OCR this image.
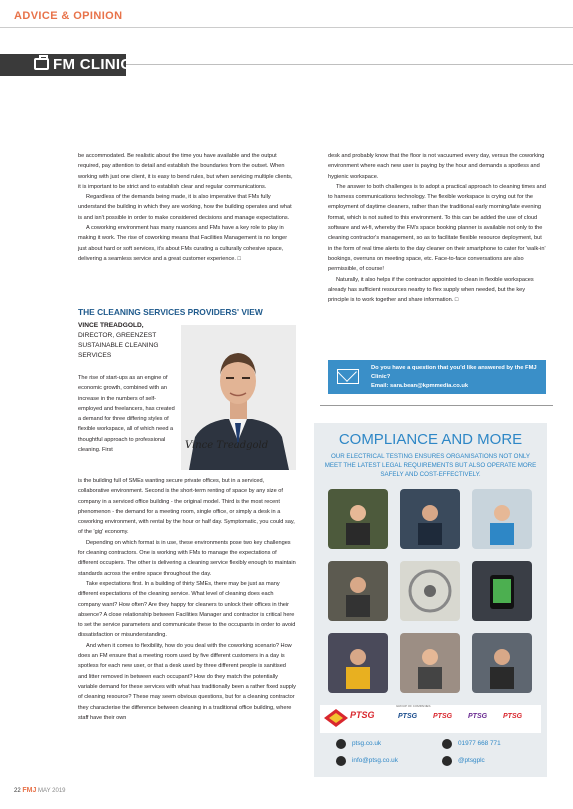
ADVICE & OPINION
FM CLINIC

be accommodated. Be realistic about the time you have available and the output required, pay attention to detail and establish the boundaries from the outset. When working with just one client, it is easy to bend rules, but when servicing multiple clients, it is important to be strict and to establish clear and regular communications.

Regardless of the demands being made, it is also imperative that FMs fully understand the building in which they are working, how the building operates and what is and isn't possible in order to make considered decisions and manage expectations.

A coworking environment has many nuances and FMs have a key role to play in making it work. The rise of coworking means that Facilities Management is no longer just about hard or soft services, it's about FMs curating a culturally cohesive space, delivering a seamless service and a great customer experience. □

THE CLEANING SERVICES PROVIDERS' VIEW
VINCE TREADGOLD,
DIRECTOR, GREENZEST SUSTAINABLE CLEANING SERVICES
Vince Treadgold

The rise of start-ups as an engine of economic growth, combined with an increase in the numbers of self-employed and freelancers, has created a demand for three differing styles of flexible workspace, all of which need a thoughtful approach to professional cleaning. First

is the building full of SMEs wanting secure private offices, but in a serviced, collaborative environment. Second is the short-term renting of space by any size of company in a serviced office building - the original model. Third is the most recent phenomenon - the demand for a meeting room, single office, or simply a desk in a coworking environment, with rental by the hour or half day. Symptomatic, you could say, of the 'gig' economy.

Depending on which format is in use, these environments pose two key challenges for cleaning contractors. One is working with FMs to manage the expectations of different occupiers. The other is delivering a cleaning service flexibly enough to maintain standards across the entire space throughout the day.

Take expectations first. In a building of thirty SMEs, there may be just as many different expectations of the cleaning service. What level of cleaning does each company want? How often? Are they happy for cleaners to unlock their offices in their absence? A close relationship between Facilities Manager and contractor is critical here to set the service parameters and communicate these to the occupants in order to avoid dissatisfaction or misunderstanding.

And when it comes to flexibility, how do you deal with the coworking scenario? How does an FM ensure that a meeting room used by five different customers in a day is spotless for each new user, or that a desk used by three different people is sanitised and litter removed in between each occupant? How do they match the potentially variable demand for these services with what has traditionally been a rather fixed supply of cleaning resource? These may seem obvious questions, but for a cleaning contractor they characterise the difference between cleaning in a traditional office building, where staff have their own

desk and probably know that the floor is not vacuumed every day, versus the coworking environment where each new user is paying by the hour and demands a spotless and hygienic workspace.

The answer to both challenges is to adopt a practical approach to cleaning times and to harness communications technology. The flexible workspace is crying out for the employment of daytime cleaners, rather than the traditional early morning/late evening format, which is not suited to this environment. To this can be added the use of cloud software and wi-fi, whereby the FM's space booking planner is available not only to the cleaning contractor's management, so as to facilitate flexible resource deployment, but in the form of real time alerts to the day cleaner on their smartphone to cater for 'walk-in' bookings, overruns on meeting space, etc. Face-to-face conversations are also permissible, of course!

Naturally, it also helps if the contractor appointed to clean in flexible workspaces already has sufficient resources nearby to flex supply when needed, but the key principle is to work together and share information. □

Do you have a question that you'd like answered by the FMJ Clinic?
Email: sara.bean@kpmmedia.co.uk
COMPLIANCE AND MORE
OUR ELECTRICAL TESTING ENSURES ORGANISATIONS NOT ONLY MEET THE LATEST LEGAL REQUIREMENTS BUT ALSO OPERATE MORE SAFELY AND COST-EFFECTIVELY.
PTSG
GROUP OF COMPANIES
PTSG PTSG PTSG PTSG
ptsg.co.uk	01977 668 771
info@ptsg.co.uk	@ptsgplc
22 FMJ MAY 2019
